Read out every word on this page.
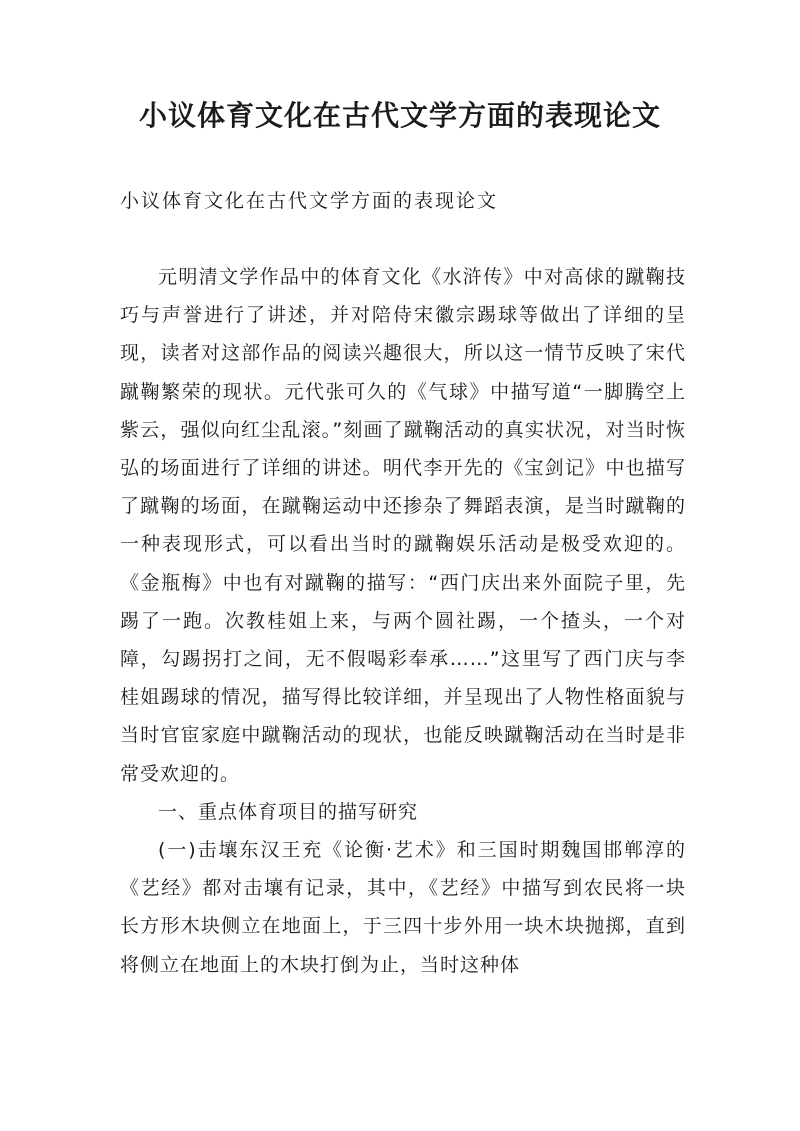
小议体育文化在古代文学方面的表现论文

小议体育文化在古代文学方面的表现论文

元明清文学作品中的体育文化《水浒传》中对高俅的蹴鞠技巧与声誉进行了讲述，并对陪侍宋徽宗踢球等做出了详细的呈现，读者对这部作品的阅读兴趣很大，所以这一情节反映了宋代蹴鞠繁荣的现状。元代张可久的《气球》中描写道“一脚腾空上紫云，强似向红尘乱滚。”刻画了蹴鞠活动的真实状况，对当时恢弘的场面进行了详细的讲述。明代李开先的《宝剑记》中也描写了蹴鞠的场面，在蹴鞠运动中还掺杂了舞蹈表演，是当时蹴鞠的一种表现形式，可以看出当时的蹴鞠娱乐活动是极受欢迎的。《金瓶梅》中也有对蹴鞠的描写：“西门庆出来外面院子里，先踢了一跑。次教桂姐上来，与两个圆社踢，一个揸头，一个对障，勾踢拐打之间，无不假喝彩奉承……”这里写了西门庆与李桂姐踢球的情况，描写得比较详细，并呈现出了人物性格面貌与当时官宦家庭中蹴鞠活动的现状，也能反映蹴鞠活动在当时是非常受欢迎的。

一、重点体育项目的描写研究

(一)击壤东汉王充《论衡·艺术》和三国时期魏国邯郸淳的《艺经》都对击壤有记录，其中，《艺经》中描写到农民将一块长方形木块侧立在地面上，于三四十步外用一块木块抛掷，直到将侧立在地面上的木块打倒为止，当时这种体
